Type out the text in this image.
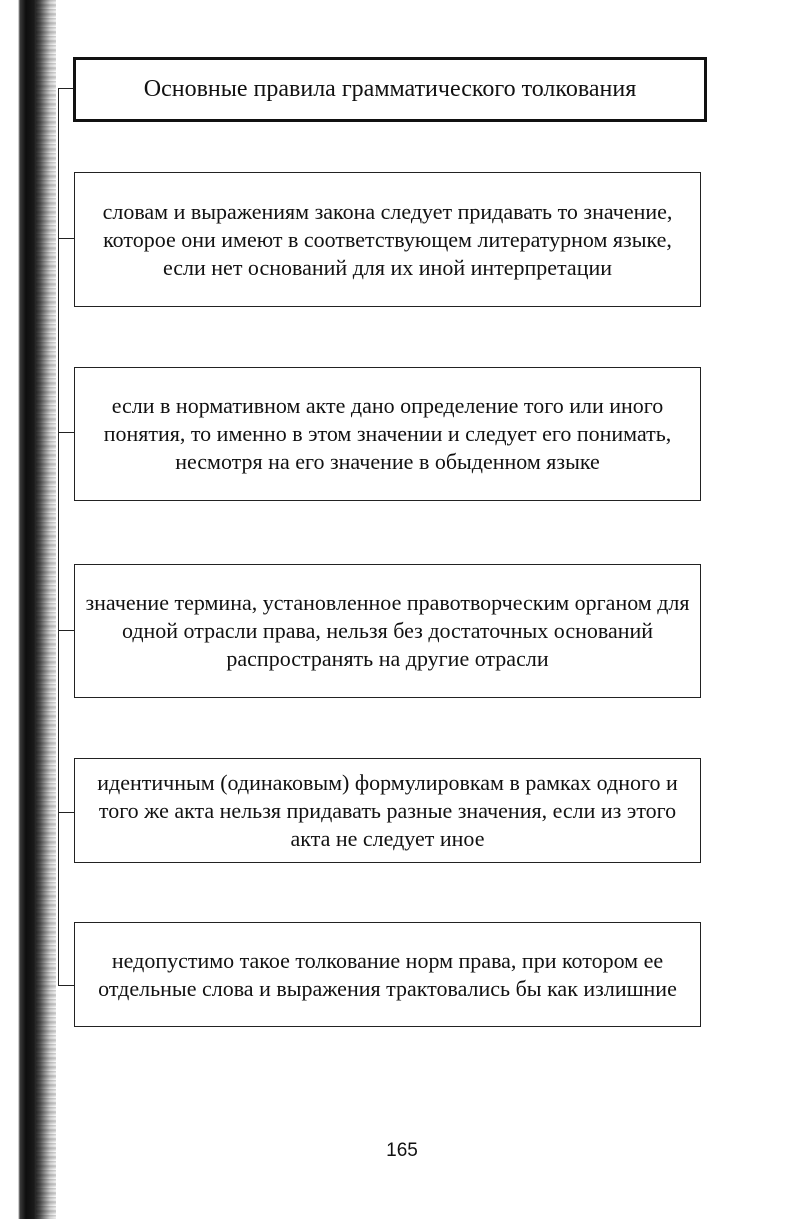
Основные правила грамматического толкования
словам и выражениям закона следует придавать то значение, которое они имеют в соответствующем литературном языке, если нет оснований для их иной интерпретации
если в нормативном акте дано определение того или иного понятия, то именно в этом значении и следует его понимать, несмотря на его значение в обыденном языке
значение термина, установленное правотворческим органом для одной отрасли права, нельзя без достаточных оснований распространять на другие отрасли
идентичным (одинаковым) формулировкам в рамках одного и того же акта нельзя придавать разные значения, если из этого акта не следует иное
недопустимо такое толкование норм права, при котором ее отдельные слова и выражения трактовались бы как излишние
165
